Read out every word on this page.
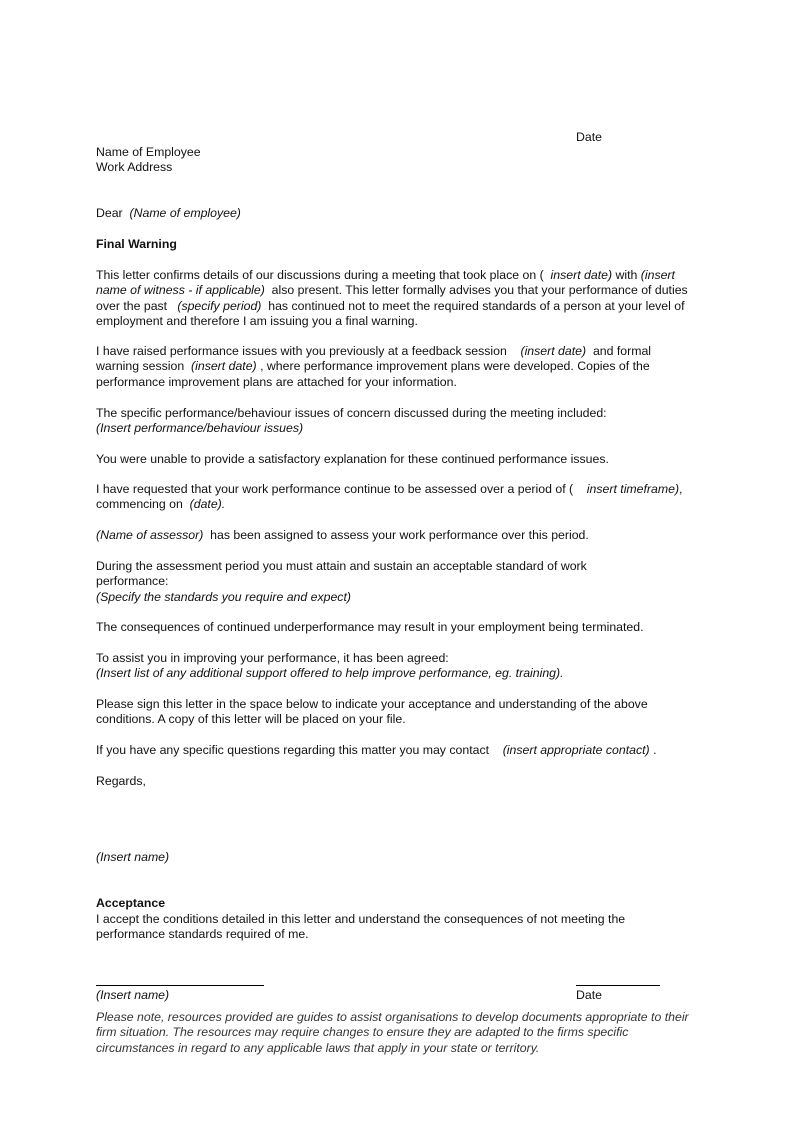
Date
Name of Employee
Work Address
Dear (Name of employee)
Final Warning

This letter confirms details of our discussions during a meeting that took place on ( insert date) with (insert name of witness - if applicable) also present. This letter formally advises you that your performance of duties over the past (specify period) has continued not to meet the required standards of a person at your level of employment and therefore I am issuing you a final warning.

I have raised performance issues with you previously at a feedback session (insert date) and formal warning session (insert date) , where performance improvement plans were developed. Copies of the performance improvement plans are attached for your information.

The specific performance/behaviour issues of concern discussed during the meeting included:
(Insert performance/behaviour issues)

You were unable to provide a satisfactory explanation for these continued performance issues.

I have requested that your work performance continue to be assessed over a period of ( insert timeframe), commencing on (date).

(Name of assessor) has been assigned to assess your work performance over this period.

During the assessment period you must attain and sustain an acceptable standard of work performance:
(Specify the standards you require and expect)

The consequences of continued underperformance may result in your employment being terminated.

To assist you in improving your performance, it has been agreed:
(Insert list of any additional support offered to help improve performance, eg. training).

Please sign this letter in the space below to indicate your acceptance and understanding of the above conditions. A copy of this letter will be placed on your file.

If you have any specific questions regarding this matter you may contact (insert appropriate contact) .

Regards,
(Insert name)
Acceptance

I accept the conditions detailed in this letter and understand the consequences of not meeting the performance standards required of me.

(Insert name)	Date

Please note, resources provided are guides to assist organisations to develop documents appropriate to their firm situation. The resources may require changes to ensure they are adapted to the firms specific circumstances in regard to any applicable laws that apply in your state or territory.
